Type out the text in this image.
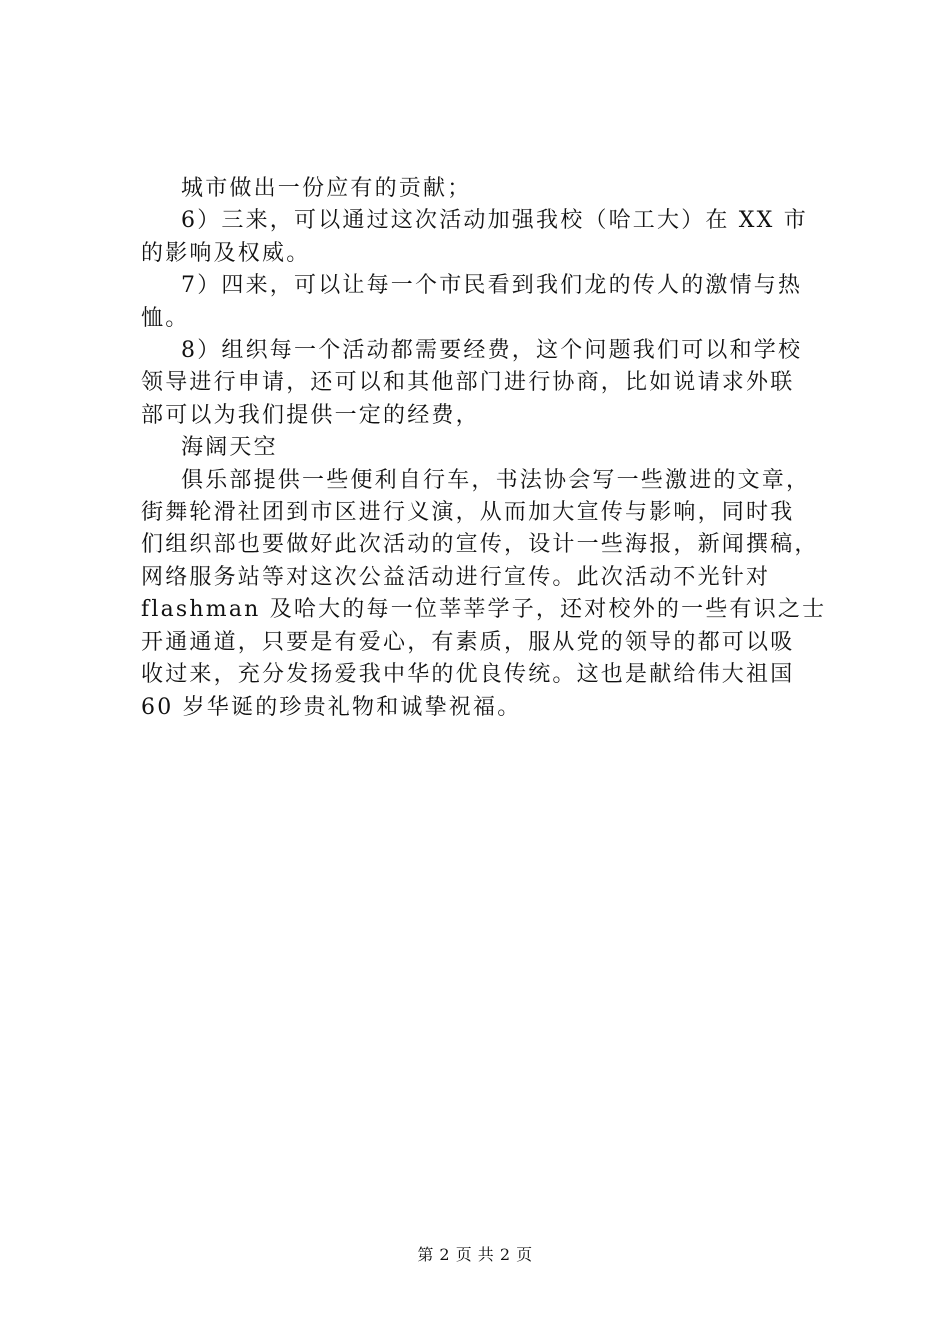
城市做出一份应有的贡献；
6）三来，可以通过这次活动加强我校（哈工大）在 XX 市
的影响及权威。
7）四来，可以让每一个市民看到我们龙的传人的激情与热
恤。
8）组织每一个活动都需要经费，这个问题我们可以和学校
领导进行申请，还可以和其他部门进行协商，比如说请求外联
部可以为我们提供一定的经费，
海阔天空
俱乐部提供一些便利自行车，书法协会写一些激进的文章，
街舞轮滑社团到市区进行义演，从而加大宣传与影响，同时我
们组织部也要做好此次活动的宣传，设计一些海报，新闻撰稿，
网络服务站等对这次公益活动进行宣传。此次活动不光针对
flashman 及哈大的每一位莘莘学子，还对校外的一些有识之士
开通通道，只要是有爱心，有素质，服从党的领导的都可以吸
收过来，充分发扬爱我中华的优良传统。这也是献给伟大祖国
60 岁华诞的珍贵礼物和诚挚祝福。
第 2 页 共 2 页
